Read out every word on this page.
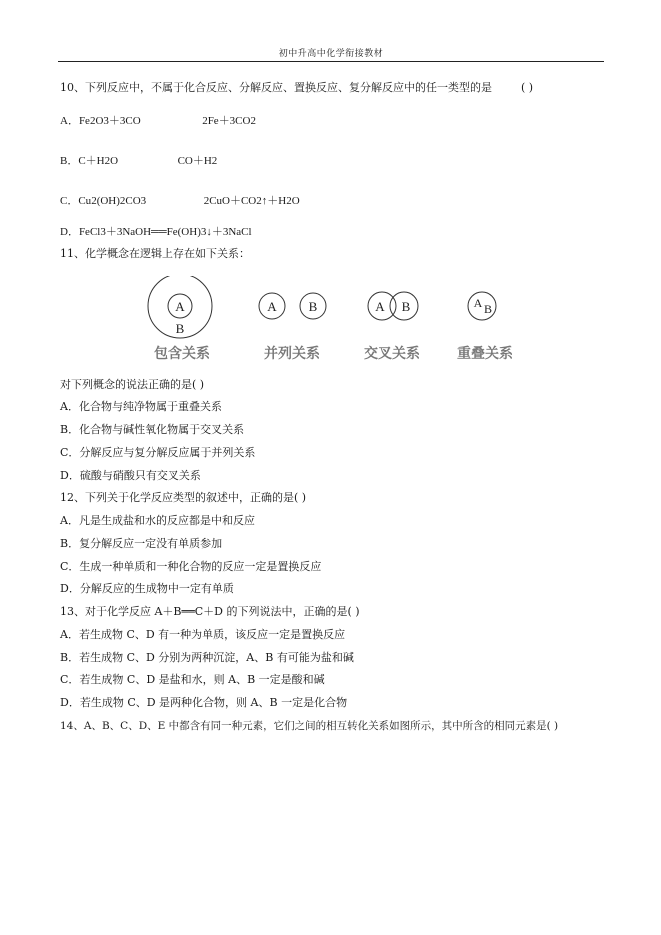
初中升高中化学衔接教材
10、下列反应中，不属于化合反应、分解反应、置换反应、复分解反应中的任一类型的是	( )
A．Fe2O3＋3CO	2Fe＋3CO2
B．C＋H2O	CO＋H2
C．Cu2(OH)2CO3	2CuO＋CO2↑＋H2O
D．FeCl3＋3NaOH══Fe(OH)3↓＋3NaCl
11、化学概念在逻辑上存在如下关系：
A
B
包含关系
A B
并列关系
A B
交叉关系
A B
重叠关系
对下列概念的说法正确的是( )
A．化合物与纯净物属于重叠关系
B．化合物与碱性氧化物属于交叉关系
C．分解反应与复分解反应属于并列关系
D．硫酸与硝酸只有交叉关系
12、下列关于化学反应类型的叙述中，正确的是( )
A．凡是生成盐和水的反应都是中和反应
B．复分解反应一定没有单质参加
C．生成一种单质和一种化合物的反应一定是置换反应
D．分解反应的生成物中一定有单质
13、对于化学反应 A＋B══C＋D 的下列说法中，正确的是( )
A．若生成物 C、D 有一种为单质，该反应一定是置换反应
B．若生成物 C、D 分别为两种沉淀，A、B 有可能为盐和碱
C．若生成物 C、D 是盐和水，则 A、B 一定是酸和碱
D．若生成物 C、D 是两种化合物，则 A、B 一定是化合物
14、A、B、C、D、E 中都含有同一种元素，它们之间的相互转化关系如图所示，其中所含的相同元素是( )
